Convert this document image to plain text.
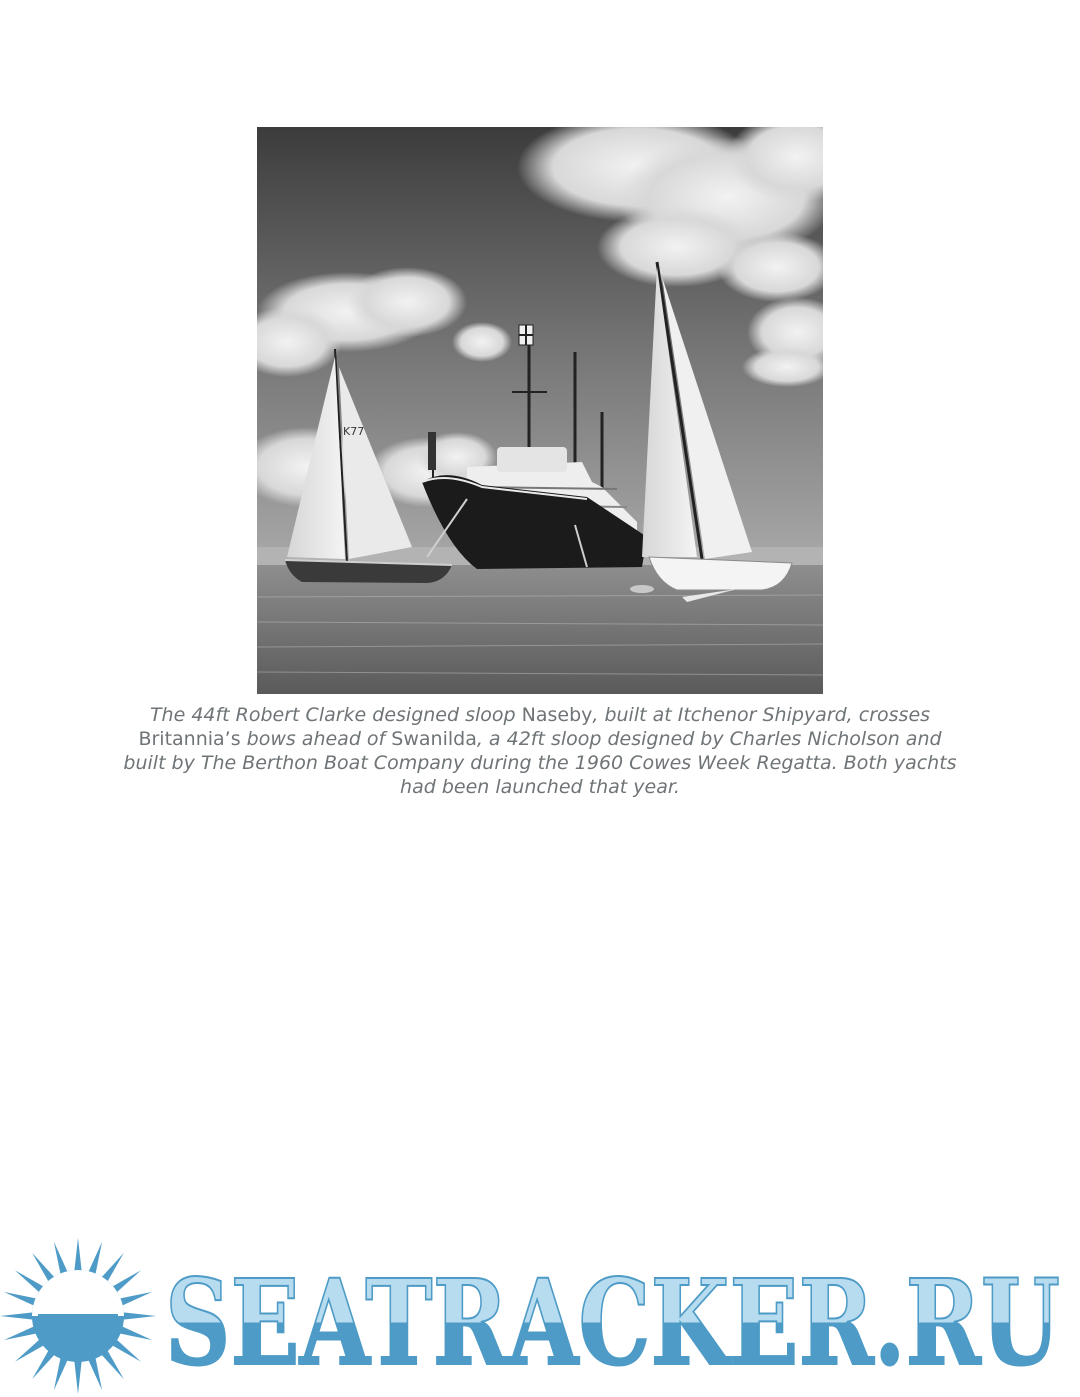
K77
The 44ft Robert Clarke designed sloop Naseby, built at Itchenor Shipyard, crosses Britannia’s bows ahead of Swanilda, a 42ft sloop designed by Charles Nicholson and built by The Berthon Boat Company during the 1960 Cowes Week Regatta. Both yachts had been launched that year.
SEATRACKER.RU
